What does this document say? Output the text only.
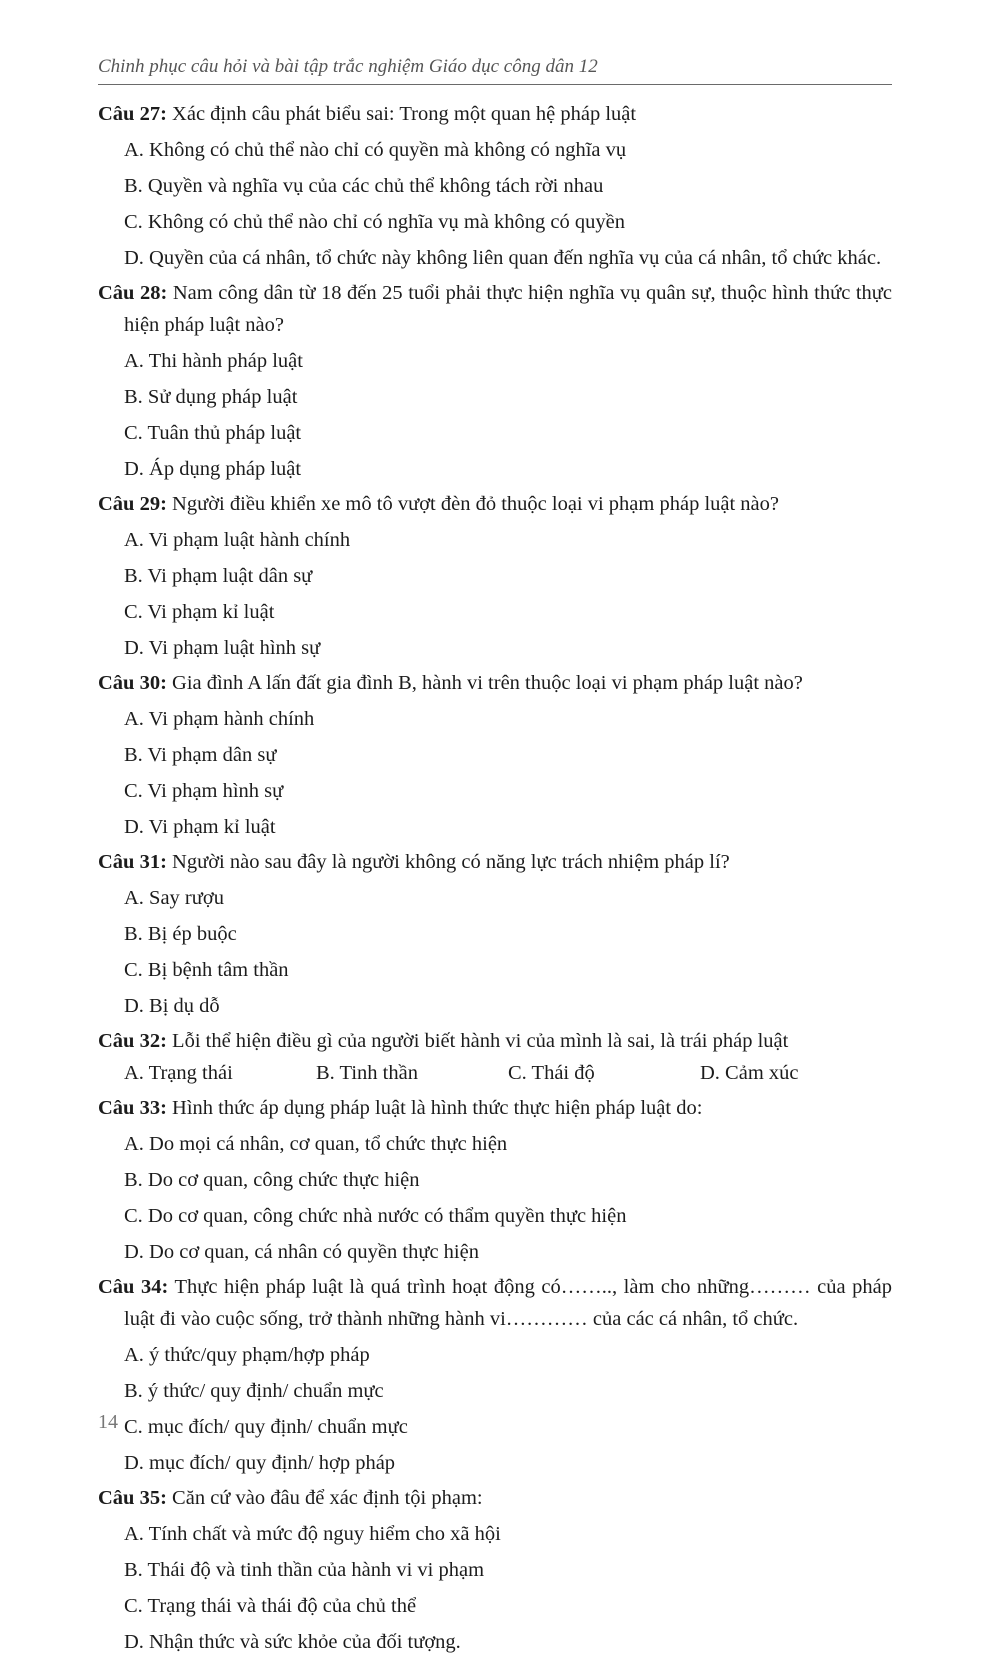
Chinh phục câu hỏi và bài tập trắc nghiệm Giáo dục công dân 12
Câu 27: Xác định câu phát biểu sai: Trong một quan hệ pháp luật
A. Không có chủ thể nào chỉ có quyền mà không có nghĩa vụ
B. Quyền và nghĩa vụ của các chủ thể không tách rời nhau
C. Không có chủ thể nào chỉ có nghĩa vụ mà không có quyền
D. Quyền của cá nhân, tổ chức này không liên quan đến nghĩa vụ của cá nhân, tổ chức khác.
Câu 28: Nam công dân từ 18 đến 25 tuổi phải thực hiện nghĩa vụ quân sự, thuộc hình thức thực hiện pháp luật nào?
A. Thi hành pháp luật
B. Sử dụng pháp luật
C. Tuân thủ pháp luật
D. Áp dụng pháp luật
Câu 29: Người điều khiển xe mô tô vượt đèn đỏ thuộc loại vi phạm pháp luật nào?
A. Vi phạm luật hành chính
B. Vi phạm luật dân sự
C. Vi phạm kỉ luật
D. Vi phạm luật hình sự
Câu 30: Gia đình A lấn đất gia đình B, hành vi trên thuộc loại vi phạm pháp luật nào?
A. Vi phạm hành chính
B. Vi phạm dân sự
C. Vi phạm hình sự
D. Vi phạm kỉ luật
Câu 31: Người nào sau đây là người không có năng lực trách nhiệm pháp lí?
A. Say rượu
B. Bị ép buộc
C. Bị bệnh tâm thần
D. Bị dụ dỗ
Câu 32: Lỗi thể hiện điều gì của người biết hành vi của mình là sai, là trái pháp luật
A. Trạng thái	B. Tinh thần	C. Thái độ	D. Cảm xúc
Câu 33: Hình thức áp dụng pháp luật là hình thức thực hiện pháp luật do:
A. Do mọi cá nhân, cơ quan, tổ chức thực hiện
B. Do cơ quan, công chức thực hiện
C. Do cơ quan, công chức nhà nước có thẩm quyền thực hiện
D. Do cơ quan, cá nhân có quyền thực hiện
Câu 34: Thực hiện pháp luật là quá trình hoạt động có…….., làm cho những……… của pháp luật đi vào cuộc sống, trở thành những hành vi………… của các cá nhân, tổ chức.
A. ý thức/quy phạm/hợp pháp
B. ý thức/ quy định/ chuẩn mực
C. mục đích/ quy định/ chuẩn mực
D. mục đích/ quy định/ hợp pháp
Câu 35: Căn cứ vào đâu để xác định tội phạm:
A. Tính chất và mức độ nguy hiểm cho xã hội
B. Thái độ và tinh thần của hành vi vi phạm
C. Trạng thái và thái độ của chủ thể
D. Nhận thức và sức khỏe của đối tượng.
14
